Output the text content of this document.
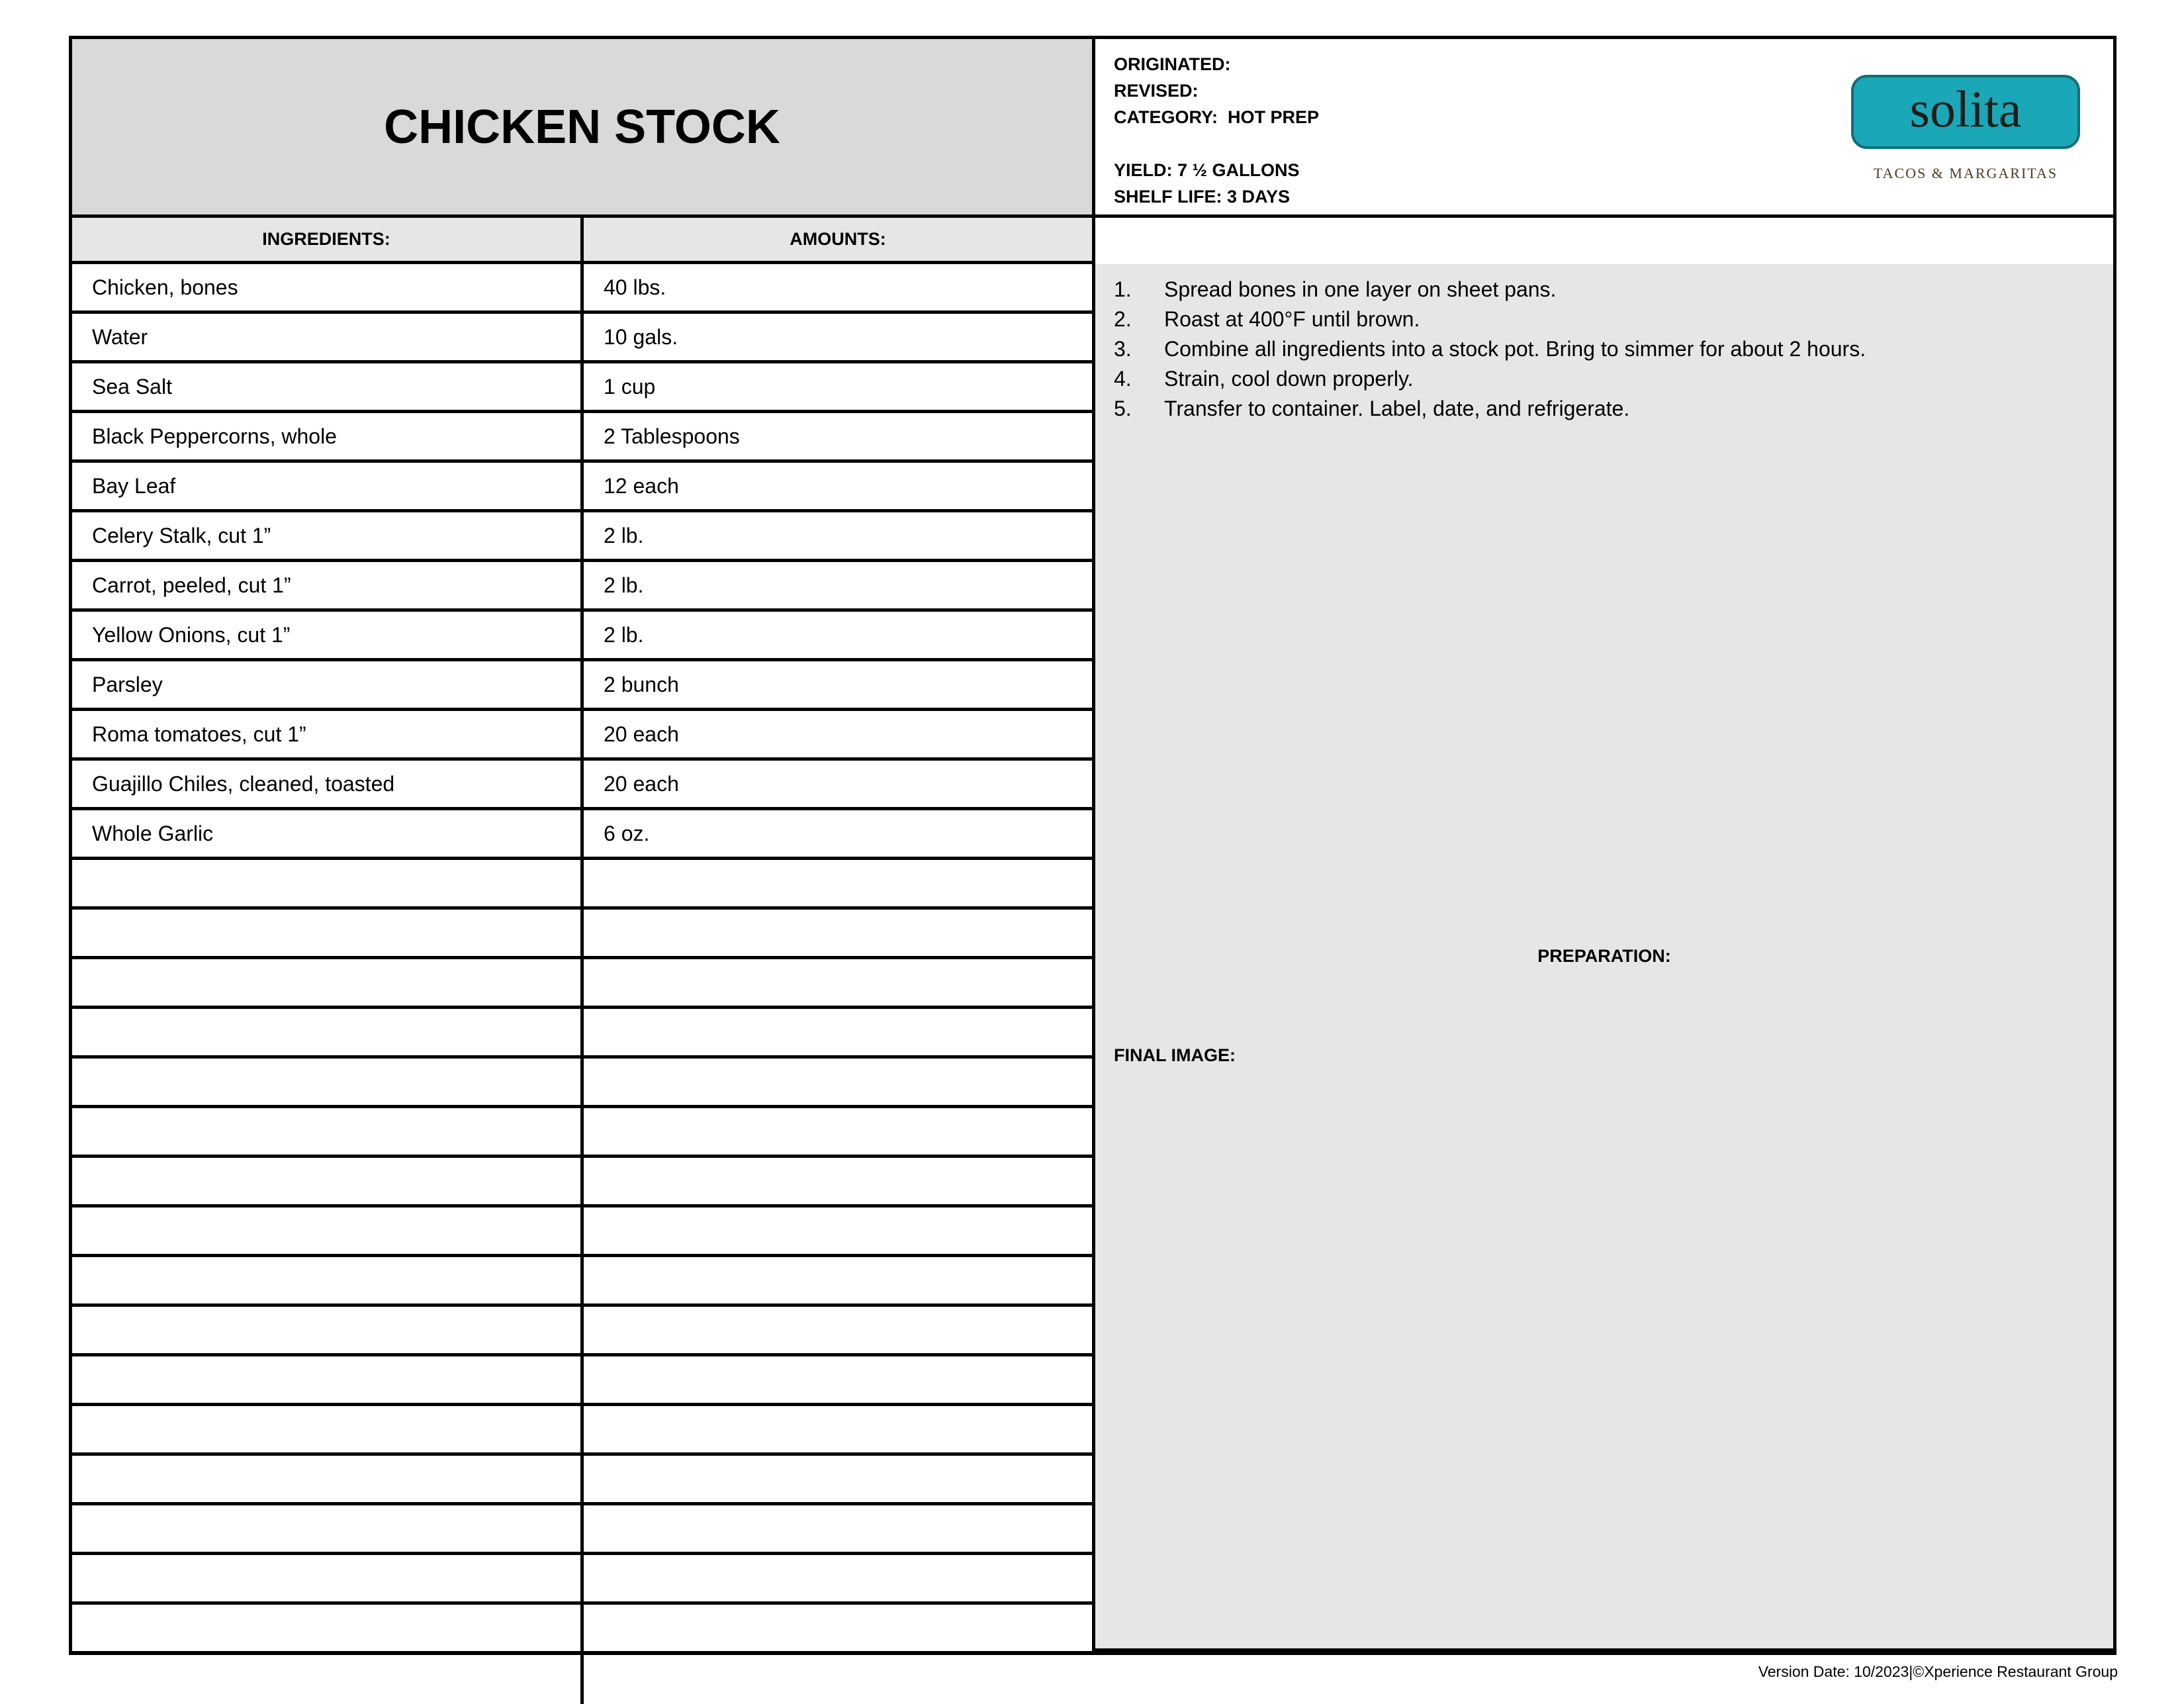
CHICKEN STOCK
ORIGINATED:
REVISED:
CATEGORY:  HOT PREP
YIELD: 7 ½ GALLONS
SHELF LIFE: 3 DAYS
solita
TACOS & MARGARITAS
INGREDIENTS:	AMOUNTS:
PREPARATION:
Chicken, bones	40 lbs.
Water	10 gals.
Sea Salt	1 cup
Black Peppercorns, whole	2 Tablespoons
Bay Leaf	12 each
Celery Stalk, cut 1”	2 lb.
Carrot, peeled, cut 1”	2 lb.
Yellow Onions, cut 1”	2 lb.
Parsley	2 bunch
Roma tomatoes, cut 1”	20 each
Guajillo Chiles, cleaned, toasted	20 each
Whole Garlic	6 oz.
1.	Spread bones in one layer on sheet pans.
2.	Roast at 400°F until brown.
3.	Combine all ingredients into a stock pot. Bring to simmer for about 2 hours.
4.	Strain, cool down properly.
5.	Transfer to container. Label, date, and refrigerate.
FINAL IMAGE:
Version Date: 10/2023|©Xperience Restaurant Group
